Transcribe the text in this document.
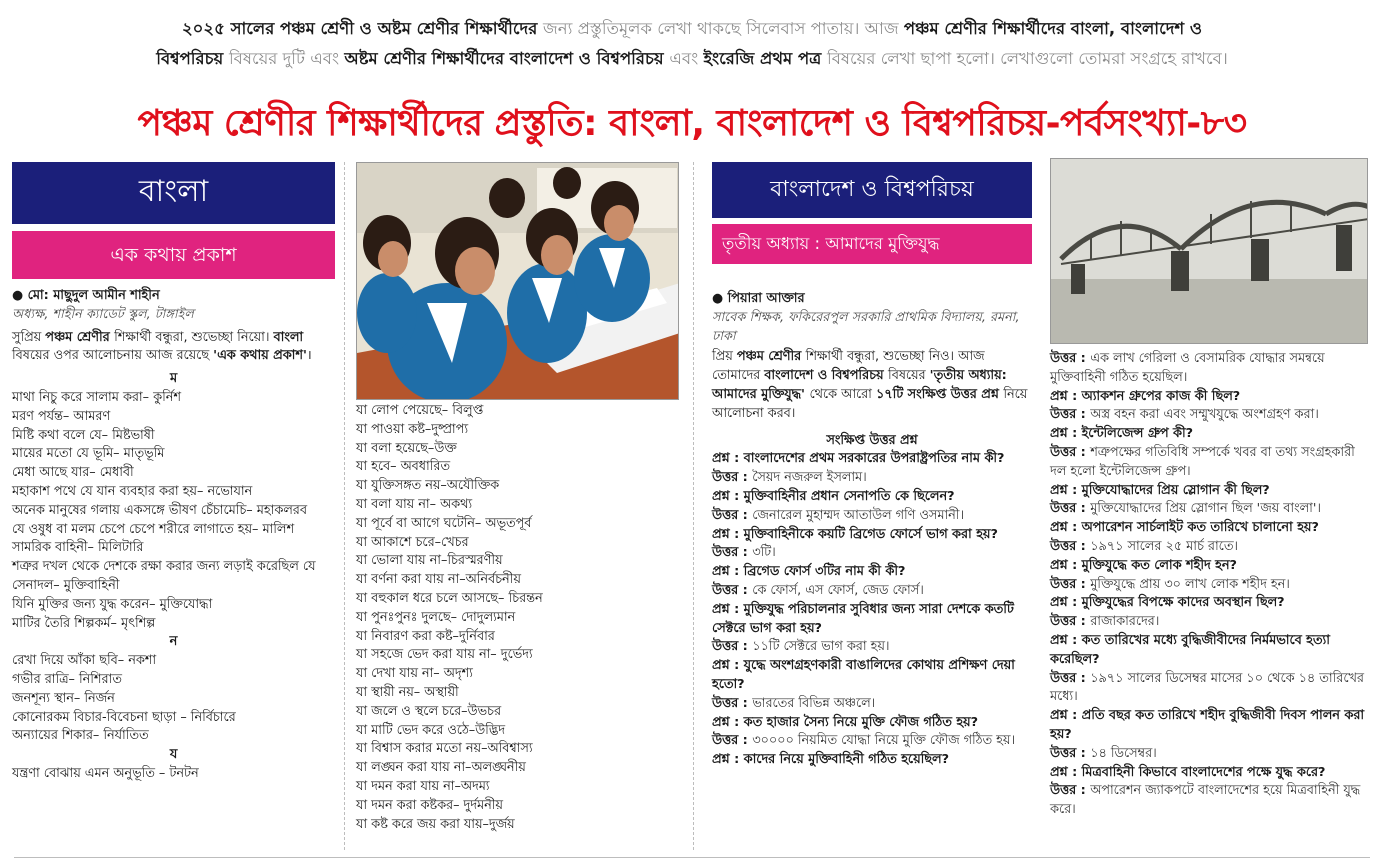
২০২৫ সালের পঞ্চম শ্রেণী ও অষ্টম শ্রেণীর শিক্ষার্থীদের জন্য প্রস্তুতিমূলক লেখা থাকছে সিলেবাস পাতায়। আজ পঞ্চম শ্রেণীর শিক্ষার্থীদের বাংলা, বাংলাদেশ ও
বিশ্বপরিচয় বিষয়ের দুটি এবং অষ্টম শ্রেণীর শিক্ষার্থীদের বাংলাদেশ ও বিশ্বপরিচয় এবং ইংরেজি প্রথম পত্র বিষয়ের লেখা ছাপা হলো। লেখাগুলো তোমরা সংগ্রহে রাখবে।
পঞ্চম শ্রেণীর শিক্ষার্থীদের প্রস্তুতি: বাংলা, বাংলাদেশ ও বিশ্বপরিচয়-পর্বসংখ্যা-৮৩
বাংলা
এক কথায় প্রকাশ
● মো: মাছুদুল আমীন শাহীন
অধ্যক্ষ, শাহীন ক্যাডেট স্কুল, টাঙ্গাইল

সুপ্রিয় পঞ্চম শ্রেণীর শিক্ষার্থী বন্ধুরা, শুভেচ্ছা নিয়ো। বাংলা বিষয়ের ওপর আলোচনায় আজ রয়েছে 'এক কথায় প্রকাশ'।

ম
মাথা নিচু করে সালাম করা– কুর্নিশ
মরণ পর্যন্ত– আমরণ
মিষ্টি কথা বলে যে– মিষ্টভাষী
মায়ের মতো যে ভূমি– মাতৃভূমি
মেধা আছে যার– মেধাবী
মহাকাশ পথে যে যান ব্যবহার করা হয়– নভোযান
অনেক মানুষের গলায় একসঙ্গে ভীষণ চেঁচামেচি– মহাকলরব
যে ওষুধ বা মলম চেপে চেপে শরীরে লাগাতে হয়– মালিশ
সামরিক বাহিনী– মিলিটারি
শত্রুর দখল থেকে দেশকে রক্ষা করার জন্য লড়াই করেছিল যে সেনাদল– মুক্তিবাহিনী
যিনি মুক্তির জন্য যুদ্ধ করেন– মুক্তিযোদ্ধা
মাটির তৈরি শিল্পকর্ম– মৃৎশিল্প
ন
রেখা দিয়ে আঁকা ছবি– নকশা
গভীর রাত্রি– নিশিরাত
জনশূন্য স্থান– নির্জন
কোনোরকম বিচার-বিবেচনা ছাড়া – নির্বিচারে
অন্যায়ের শিকার– নির্যাতিত
য
যন্ত্রণা বোঝায় এমন অনুভূতি – টনটন
যা লোপ পেয়েছে– বিলুপ্ত
যা পাওয়া কষ্ট–দুষ্প্রাপ্য
যা বলা হয়েছে–উক্ত
যা হবে– অবধারিত
যা যুক্তিসঙ্গত নয়–অযৌক্তিক
যা বলা যায় না– অকথ্য
যা পূর্বে বা আগে ঘটেনি– অভূতপূর্ব
যা আকাশে চরে–খেচর
যা ভোলা যায় না–চিরস্মরণীয়
যা বর্ণনা করা যায় না–অনির্বচনীয়
যা বহুকাল ধরে চলে আসছে– চিরন্তন
যা পুনঃপুনঃ দুলছে– দোদুল্যমান
যা নিবারণ করা কষ্ট–দুর্নিবার
যা সহজে ভেদ করা যায় না– দুর্ভেদ্য
যা দেখা যায় না– অদৃশ্য
যা স্থায়ী নয়– অস্থায়ী
যা জলে ও স্থলে চরে–উভচর
যা মাটি ভেদ করে ওঠে–উদ্ভিদ
যা বিশ্বাস করার মতো নয়–অবিশ্বাস্য
যা লঙ্ঘন করা যায় না–অলঙ্ঘনীয়
যা দমন করা যায় না–অদম্য
যা দমন করা কষ্টকর– দুর্দমনীয়
যা কষ্ট করে জয় করা যায়–দুর্জয়
বাংলাদেশ ও বিশ্বপরিচয়
তৃতীয় অধ্যায় : আমাদের মুক্তিযুদ্ধ
● পিয়ারা আক্তার
সাবেক শিক্ষক, ফকিরেরপুল সরকারি প্রাথমিক বিদ্যালয়, রমনা, ঢাকা

প্রিয় পঞ্চম শ্রেণীর শিক্ষার্থী বন্ধুরা, শুভেচ্ছা নিও। আজ তোমাদের বাংলাদেশ ও বিশ্বপরিচয় বিষয়ের 'তৃতীয় অধ্যায়: আমাদের মুক্তিযুদ্ধ' থেকে আরো ১৭টি সংক্ষিপ্ত উত্তর প্রশ্ন নিয়ে আলোচনা করব।

সংক্ষিপ্ত উত্তর প্রশ্ন

প্রশ্ন : বাংলাদেশের প্রথম সরকারের উপরাষ্ট্রপতির নাম কী?

উত্তর : সৈয়দ নজরুল ইসলাম।

প্রশ্ন : মুক্তিবাহিনীর প্রধান সেনাপতি কে ছিলেন?

উত্তর : জেনারেল মুহাম্মদ আতাউল গণি ওসমানী।

প্রশ্ন : মুক্তিবাহিনীকে কয়টি ব্রিগেড ফোর্সে ভাগ করা হয়?

উত্তর : ৩টি।

প্রশ্ন : ব্রিগেড ফোর্স ৩টির নাম কী কী?

উত্তর : কে ফোর্স, এস ফোর্স, জেড ফোর্স।

প্রশ্ন : মুক্তিযুদ্ধ পরিচালনার সুবিধার জন্য সারা দেশকে কতটি সেক্টরে ভাগ করা হয়?

উত্তর : ১১টি সেক্টরে ভাগ করা হয়।

প্রশ্ন : যুদ্ধে অংশগ্রহণকারী বাঙালিদের কোথায় প্রশিক্ষণ দেয়া হতো?

উত্তর : ভারতের বিভিন্ন অঞ্চলে।

প্রশ্ন : কত হাজার সৈন্য নিয়ে মুক্তি ফৌজ গঠিত হয়?

উত্তর : ৩০০০০ নিয়মিত যোদ্ধা নিয়ে মুক্তি ফৌজ গঠিত হয়।

প্রশ্ন : কাদের নিয়ে মুক্তিবাহিনী গঠিত হয়েছিল?

উত্তর : এক লাখ গেরিলা ও বেসামরিক যোদ্ধার সমন্বয়ে মুক্তিবাহিনী গঠিত হয়েছিল।

প্রশ্ন : অ্যাকশন গ্রুপের কাজ কী ছিল?

উত্তর : অস্ত্র বহন করা এবং সম্মুখযুদ্ধে অংশগ্রহণ করা।

প্রশ্ন : ইন্টেলিজেন্স গ্রুপ কী?

উত্তর : শত্রুপক্ষের গতিবিধি সম্পর্কে খবর বা তথ্য সংগ্রহকারী দল হলো ইন্টেলিজেন্স গ্রুপ।

প্রশ্ন : মুক্তিযোদ্ধাদের প্রিয় স্লোগান কী ছিল?

উত্তর : মুক্তিযোদ্ধাদের প্রিয় স্লোগান ছিল 'জয় বাংলা'।

প্রশ্ন : অপারেশন সার্চলাইট কত তারিখে চালানো হয়?

উত্তর : ১৯৭১ সালের ২৫ মার্চ রাতে।

প্রশ্ন : মুক্তিযুদ্ধে কত লোক শহীদ হন?

উত্তর : মুক্তিযুদ্ধে প্রায় ৩০ লাখ লোক শহীদ হন।

প্রশ্ন : মুক্তিযুদ্ধের বিপক্ষে কাদের অবস্থান ছিল?

উত্তর : রাজাকারদের।

প্রশ্ন : কত তারিখের মধ্যে বুদ্ধিজীবীদের নির্মমভাবে হত্যা করেছিল?

উত্তর : ১৯৭১ সালের ডিসেম্বর মাসের ১০ থেকে ১৪ তারিখের মধ্যে।

প্রশ্ন : প্রতি বছর কত তারিখে শহীদ বুদ্ধিজীবী দিবস পালন করা হয়?

উত্তর : ১৪ ডিসেম্বর।

প্রশ্ন : মিত্রবাহিনী কিভাবে বাংলাদেশের পক্ষে যুদ্ধ করে?

উত্তর : অপারেশন জ্যাকপটে বাংলাদেশের হয়ে মিত্রবাহিনী যুদ্ধ করে।
